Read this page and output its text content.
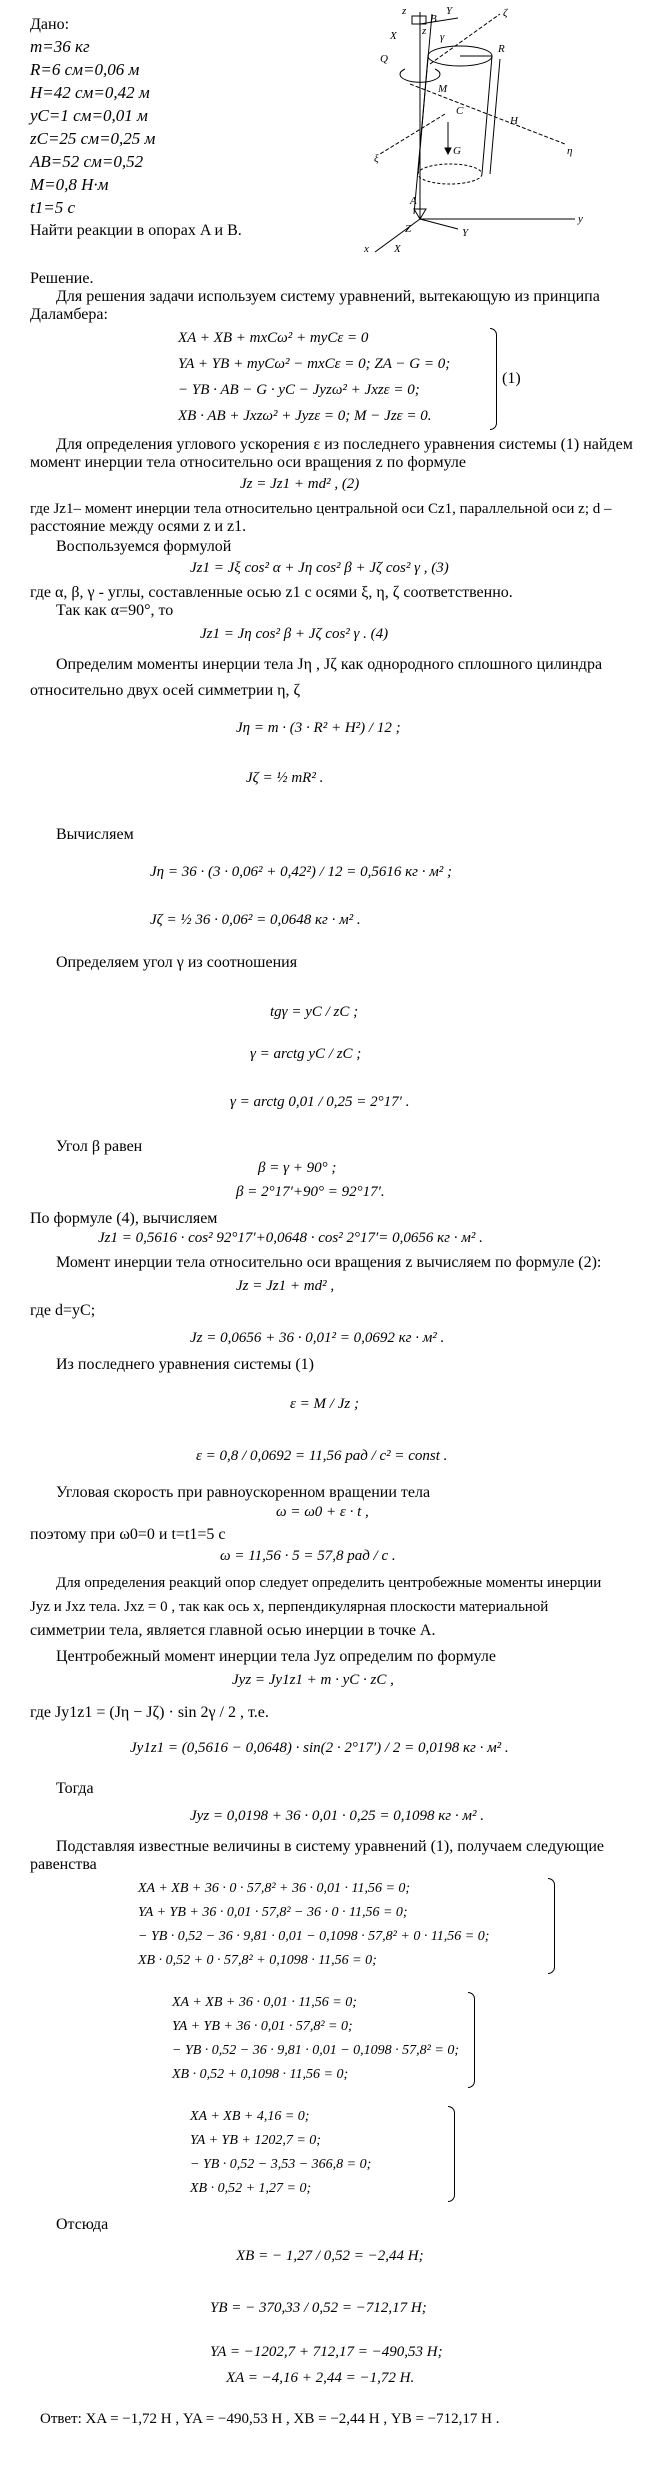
Дано:
m=36 кг
R=6 см=0,06 м
H=42 см=0,42 м
yC=1 см=0,01 м
zC=25 см=0,25 м
AB=52 см=0,52
M=0,8 Н·м
t1=5 c
Найти реакции в опорах A и B.
z	Y
z
X
B
Q
M
γ
R
H
η
ξ
C
A
Z
G
y
x X
Y
ζ
Решение.
Для решения задачи используем систему уравнений, вытекающую из принципа
Даламбера:
XA + XB + mxCω² + myCε = 0
YA + YB + myCω² − mxCε = 0; ZA − G = 0;
− YB · AB − G · yC − Jyzω² + Jxzε = 0;
XB · AB + Jxzω² + Jyzε = 0; M − Jzε = 0.
(1)
Для определения углового ускорения ε из последнего уравнения системы (1) найдем
момент инерции тела относительно оси вращения z по формуле
Jz = Jz1 + md² , (2)
где Jz1– момент инерции тела относительно центральной оси Cz1, параллельной оси z; d –
расстояние между осями z и z1.
Воспользуемся формулой
Jz1 = Jξ cos² α + Jη cos² β + Jζ cos² γ , (3)
где α, β, γ - углы, составленные осью z1 с осями ξ, η, ζ соответственно.
Так как α=90°, то
Jz1 = Jη cos² β + Jζ cos² γ . (4)
Определим моменты инерции тела Jη , Jζ как однородного сплошного цилиндра
относительно двух осей симметрии η, ζ
Jη = m · (3 · R² + H²) / 12 ;
Jζ = ½ mR² .
Вычисляем
Jη = 36 · (3 · 0,06² + 0,42²) / 12 = 0,5616 кг · м² ;
Jζ = ½ 36 · 0,06² = 0,0648 кг · м² .
Определяем угол γ из соотношения
tgγ = yC / zC ;
γ = arctg yC / zC ;
γ = arctg 0,01 / 0,25 = 2°17′ .
Угол β равен
β = γ + 90° ;
β = 2°17′+90° = 92°17′.
По формуле (4), вычисляем
Jz1 = 0,5616 · cos² 92°17′+0,0648 · cos² 2°17′= 0,0656 кг · м² .
Момент инерции тела относительно оси вращения z вычисляем по формуле (2):
Jz = Jz1 + md² ,
где d=yC;
Jz = 0,0656 + 36 · 0,01² = 0,0692 кг · м² .
Из последнего уравнения системы (1)
ε = M / Jz ;
ε = 0,8 / 0,0692 = 11,56 рад / с² = const .
Угловая скорость при равноускоренном вращении тела
ω = ω0 + ε · t ,
поэтому при ω0=0 и t=t1=5 c
ω = 11,56 · 5 = 57,8 рад / с .
Для определения реакций опор следует определить центробежные моменты инерции
Jyz и Jxz тела. Jxz = 0 , так как ось x, перпендикулярная плоскости материальной
симметрии тела, является главной осью инерции в точке A.
Центробежный момент инерции тела Jyz определим по формуле
Jyz = Jy1z1 + m · yC · zC ,
где Jy1z1 = (Jη − Jζ) · sin 2γ / 2 , т.е.
Jy1z1 = (0,5616 − 0,0648) · sin(2 · 2°17′) / 2 = 0,0198 кг · м² .
Тогда
Jyz = 0,0198 + 36 · 0,01 · 0,25 = 0,1098 кг · м² .
Подставляя известные величины в систему уравнений (1), получаем следующие
равенства
XA + XB + 36 · 0 · 57,8² + 36 · 0,01 · 11,56 = 0;
YA + YB + 36 · 0,01 · 57,8² − 36 · 0 · 11,56 = 0;
− YB · 0,52 − 36 · 9,81 · 0,01 − 0,1098 · 57,8² + 0 · 11,56 = 0;
XB · 0,52 + 0 · 57,8² + 0,1098 · 11,56 = 0;
XA + XB + 36 · 0,01 · 11,56 = 0;
YA + YB + 36 · 0,01 · 57,8² = 0;
− YB · 0,52 − 36 · 9,81 · 0,01 − 0,1098 · 57,8² = 0;
XB · 0,52 + 0,1098 · 11,56 = 0;
XA + XB + 4,16 = 0;
YA + YB + 1202,7 = 0;
− YB · 0,52 − 3,53 − 366,8 = 0;
XB · 0,52 + 1,27 = 0;
Отсюда
XB = − 1,27 / 0,52 = −2,44 Н;
YB = − 370,33 / 0,52 = −712,17 Н;
YA = −1202,7 + 712,17 = −490,53 Н;
XA = −4,16 + 2,44 = −1,72 Н.
Ответ: XA = −1,72 Н , YA = −490,53 Н , XB = −2,44 Н , YB = −712,17 Н .
